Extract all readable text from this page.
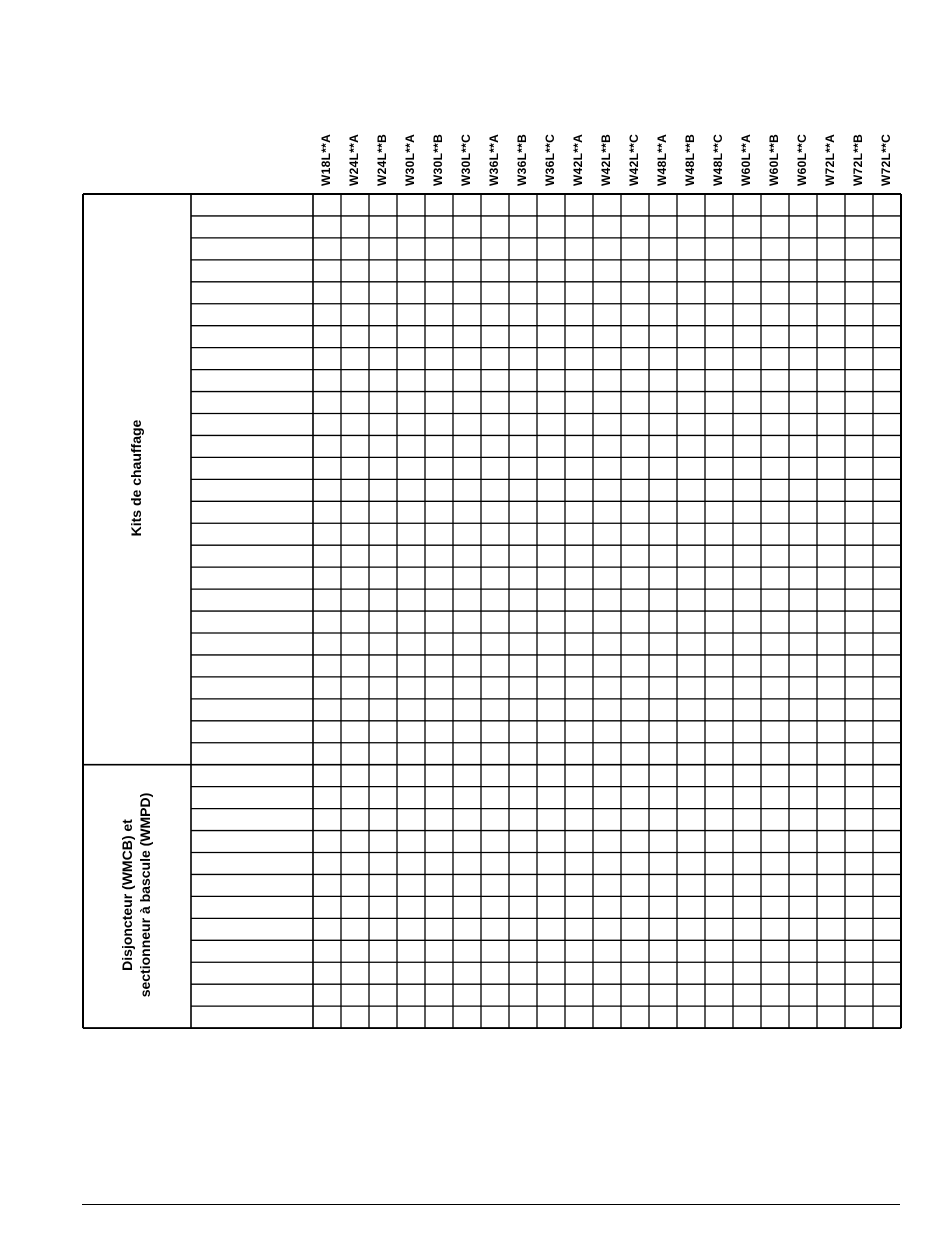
W18L**A W24L**A W24L**B W30L**A W30L**B W30L**C W36L**A W36L**B W36L**C W42L**A W42L**B W42L**C W48L**A W48L**B W48L**C W60L**A W60L**B W60L**C W72L**A W72L**B W72L**C
Kits de chauffage
Disjoncteur (WMCB) et sectionneur à bascule (WMPD)
